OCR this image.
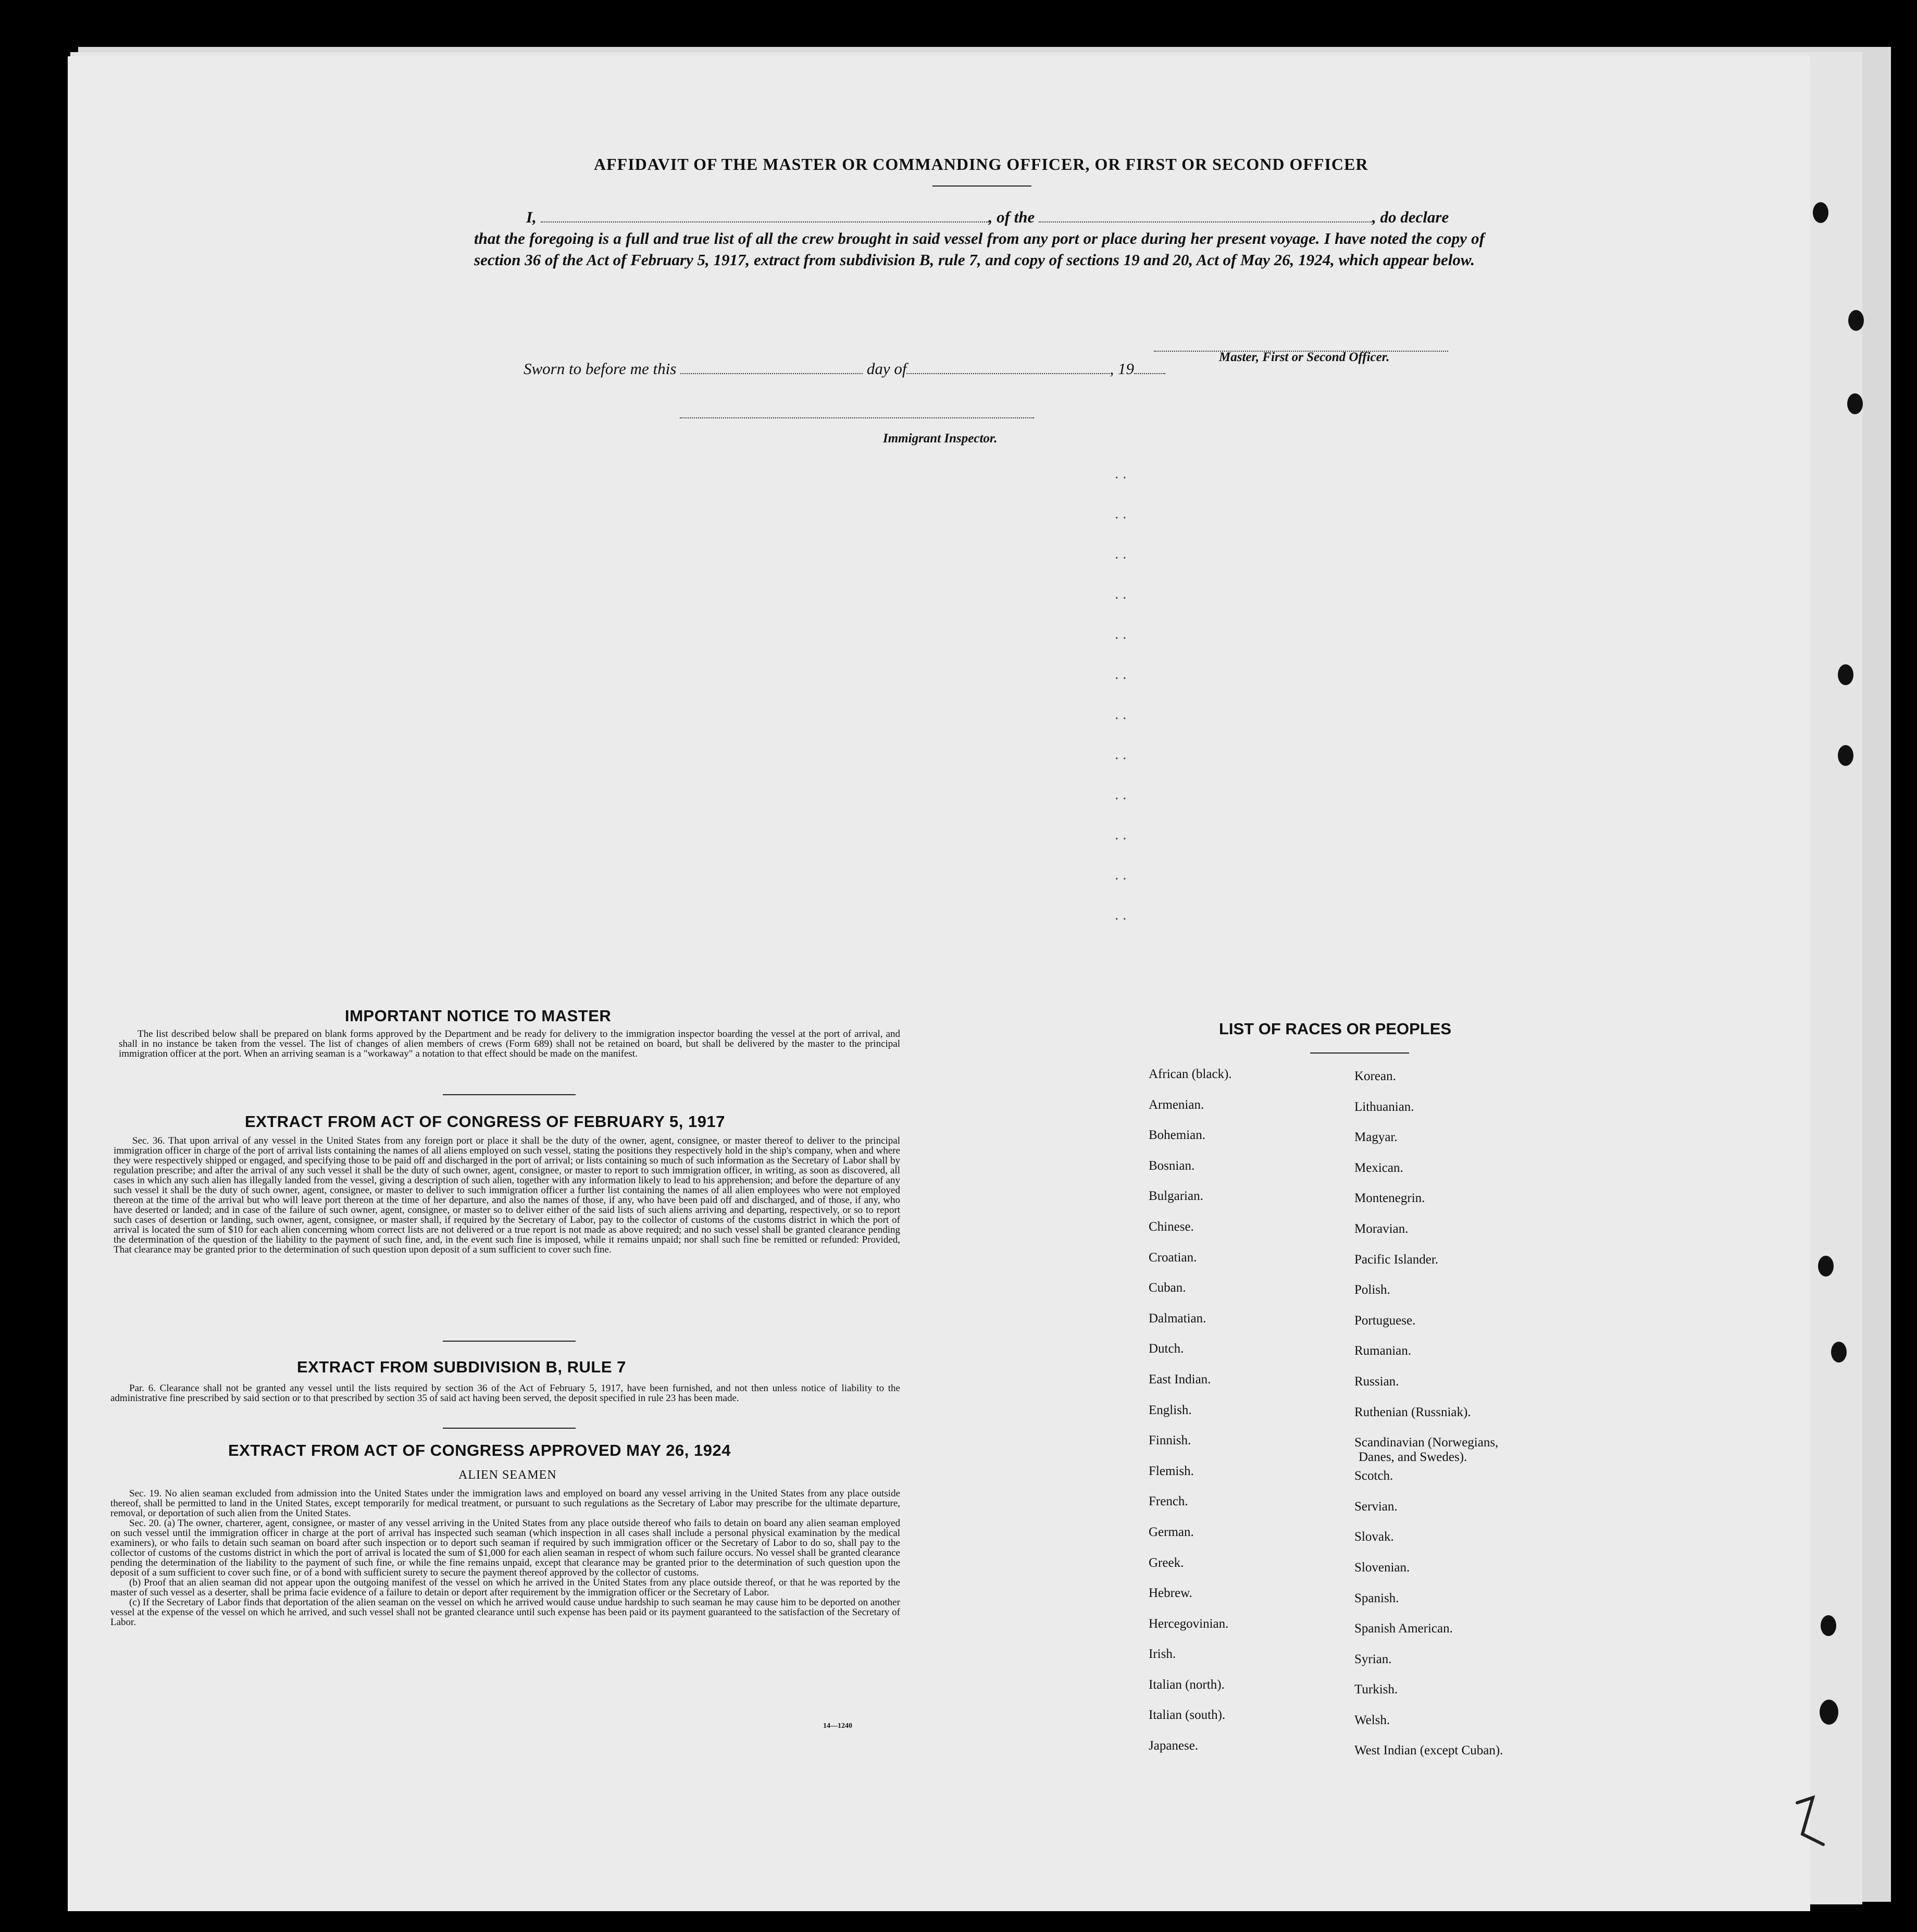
AFFIDAVIT OF THE MASTER OR COMMANDING OFFICER, OR FIRST OR SECOND OFFICER
I,	, of the	, do declare
that the foregoing is a full and true list of all the crew brought in said vessel from any port or place during her present voyage. I have noted the copy of section 36 of the Act of February 5, 1917, extract from subdivision B, rule 7, and copy of sections 19 and 20, Act of May 26, 1924, which appear below.
Master, First or Second Officer.
Sworn to before me this	day of	, 19
Immigrant Inspector.
. .
. .
. .
. .
. .
. .
. .
. .
. .
. .
. .
. .
IMPORTANT NOTICE TO MASTER

The list described below shall be prepared on blank forms approved by the Department and be ready for delivery to the immigration inspector boarding the vessel at the port of arrival, and shall in no instance be taken from the vessel. The list of changes of alien members of crews (Form 689) shall not be retained on board, but shall be delivered by the master to the principal immigration officer at the port. When an arriving seaman is a "workaway" a notation to that effect should be made on the manifest.

EXTRACT FROM ACT OF CONGRESS OF FEBRUARY 5, 1917

Sec. 36. That upon arrival of any vessel in the United States from any foreign port or place it shall be the duty of the owner, agent, consignee, or master thereof to deliver to the principal immigration officer in charge of the port of arrival lists containing the names of all aliens employed on such vessel, stating the positions they respectively hold in the ship's company, when and where they were respectively shipped or engaged, and specifying those to be paid off and discharged in the port of arrival; or lists containing so much of such information as the Secretary of Labor shall by regulation prescribe; and after the arrival of any such vessel it shall be the duty of such owner, agent, consignee, or master to report to such immigration officer, in writing, as soon as discovered, all cases in which any such alien has illegally landed from the vessel, giving a description of such alien, together with any information likely to lead to his apprehension; and before the departure of any such vessel it shall be the duty of such owner, agent, consignee, or master to deliver to such immigration officer a further list containing the names of all alien employees who were not employed thereon at the time of the arrival but who will leave port thereon at the time of her departure, and also the names of those, if any, who have been paid off and discharged, and of those, if any, who have deserted or landed; and in case of the failure of such owner, agent, consignee, or master so to deliver either of the said lists of such aliens arriving and departing, respectively, or so to report such cases of desertion or landing, such owner, agent, consignee, or master shall, if required by the Secretary of Labor, pay to the collector of customs of the customs district in which the port of arrival is located the sum of $10 for each alien concerning whom correct lists are not delivered or a true report is not made as above required; and no such vessel shall be granted clearance pending the determination of the question of the liability to the payment of such fine, and, in the event such fine is imposed, while it remains unpaid; nor shall such fine be remitted or refunded: Provided, That clearance may be granted prior to the determination of such question upon deposit of a sum sufficient to cover such fine.

EXTRACT FROM SUBDIVISION B, RULE 7

Par. 6. Clearance shall not be granted any vessel until the lists required by section 36 of the Act of February 5, 1917, have been furnished, and not then unless notice of liability to the administrative fine prescribed by said section or to that prescribed by section 35 of said act having been served, the deposit specified in rule 23 has been made.

EXTRACT FROM ACT OF CONGRESS APPROVED MAY 26, 1924
ALIEN SEAMEN

Sec. 19. No alien seaman excluded from admission into the United States under the immigration laws and employed on board any vessel arriving in the United States from any place outside thereof, shall be permitted to land in the United States, except temporarily for medical treatment, or pursuant to such regulations as the Secretary of Labor may prescribe for the ultimate departure, removal, or deportation of such alien from the United States.

Sec. 20. (a) The owner, charterer, agent, consignee, or master of any vessel arriving in the United States from any place outside thereof who fails to detain on board any alien seaman employed on such vessel until the immigration officer in charge at the port of arrival has inspected such seaman (which inspection in all cases shall include a personal physical examination by the medical examiners), or who fails to detain such seaman on board after such inspection or to deport such seaman if required by such immigration officer or the Secretary of Labor to do so, shall pay to the collector of customs of the customs district in which the port of arrival is located the sum of $1,000 for each alien seaman in respect of whom such failure occurs. No vessel shall be granted clearance pending the determination of the liability to the payment of such fine, or while the fine remains unpaid, except that clearance may be granted prior to the determination of such question upon the deposit of a sum sufficient to cover such fine, or of a bond with sufficient surety to secure the payment thereof approved by the collector of customs.

(b) Proof that an alien seaman did not appear upon the outgoing manifest of the vessel on which he arrived in the United States from any place outside thereof, or that he was reported by the master of such vessel as a deserter, shall be prima facie evidence of a failure to detain or deport after requirement by the immigration officer or the Secretary of Labor.

(c) If the Secretary of Labor finds that deportation of the alien seaman on the vessel on which he arrived would cause undue hardship to such seaman he may cause him to be deported on another vessel at the expense of the vessel on which he arrived, and such vessel shall not be granted clearance until such expense has been paid or its payment guaranteed to the satisfaction of the Secretary of Labor.

14—1240
LIST OF RACES OR PEOPLES
African (black).
Armenian.
Bohemian.
Bosnian.
Bulgarian.
Chinese.
Croatian.
Cuban.
Dalmatian.
Dutch.
East Indian.
English.
Finnish.
Flemish.
French.
German.
Greek.
Hebrew.
Hercegovinian.
Irish.
Italian (north).
Italian (south).
Japanese.
Korean.
Lithuanian.
Magyar.
Mexican.
Montenegrin.
Moravian.
Pacific Islander.
Polish.
Portuguese.
Rumanian.
Russian.
Ruthenian (Russniak).
Scandinavian (Norwegians, Danes, and Swedes).
Scotch.
Servian.
Slovak.
Slovenian.
Spanish.
Spanish American.
Syrian.
Turkish.
Welsh.
West Indian (except Cuban).
